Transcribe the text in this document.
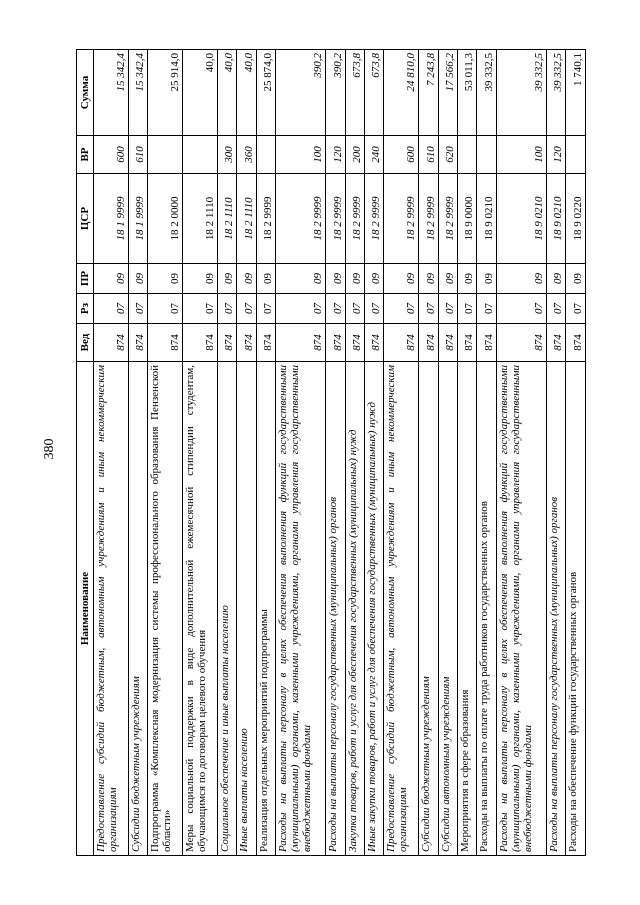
380
Наименование	Вед	Рз	ПР	ЦСР	ВР	Сумма
Предоставление субсидий бюджетным, автономным учреждениям и иным некоммерческим организациям	874	07	09	18 1 9999	600	15 342,4
Субсидии бюджетным учреждениям	874	07	09	18 1 9999	610	15 342,4
Подпрограмма «Комплексная модернизация системы профессионального образования Пензенской области»	874	07	09	18 2 0000		25 914,0
Меры социальной поддержки в виде дополнительной ежемесячной стипендии студентам, обучающимся по договорам целевого обучения	874	07	09	18 2 1110		40,0
Социальное обеспечение и иные выплаты населению	874	07	09	18 2 1110	300	40,0
Иные выплаты населению	874	07	09	18 2 1110	360	40,0
Реализация отдельных мероприятий подпрограммы	874	07	09	18 2 9999		25 874,0
Расходы на выплаты персоналу в целях обеспечения выполнения функций государственными (муниципальными) органами, казенными учреждениями, органами управления государственными внебюджетными фондами	874	07	09	18 2 9999	100	390,2
Расходы на выплаты персоналу государственных (муниципальных) органов	874	07	09	18 2 9999	120	390,2
Закупка товаров, работ и услуг для обеспечения государственных (муниципальных) нужд	874	07	09	18 2 9999	200	673,8
Иные закупки товаров, работ и услуг для обеспечения государственных (муниципальных) нужд	874	07	09	18 2 9999	240	673,8
Предоставление субсидий бюджетным, автономным учреждениям и иным некоммерческим организациям	874	07	09	18 2 9999	600	24 810,0
Субсидии бюджетным учреждениям	874	07	09	18 2 9999	610	7 243,8
Субсидии автономным учреждениям	874	07	09	18 2 9999	620	17 566,2
Мероприятия в сфере образования	874	07	09	18 9 0000		53 011,3
Расходы на выплаты по оплате труда работников государственных органов	874	07	09	18 9 0210		39 332,5
Расходы на выплаты персоналу в целях обеспечения выполнения функций государственными (муниципальными) органами, казенными учреждениями, органами управления государственными внебюджетными фондами	874	07	09	18 9 0210	100	39 332,5
Расходы на выплаты персоналу государственных (муниципальных) органов	874	07	09	18 9 0210	120	39 332,5
Расходы на обеспечение функций государственных органов	874	07	09	18 9 0220		1 740,1
